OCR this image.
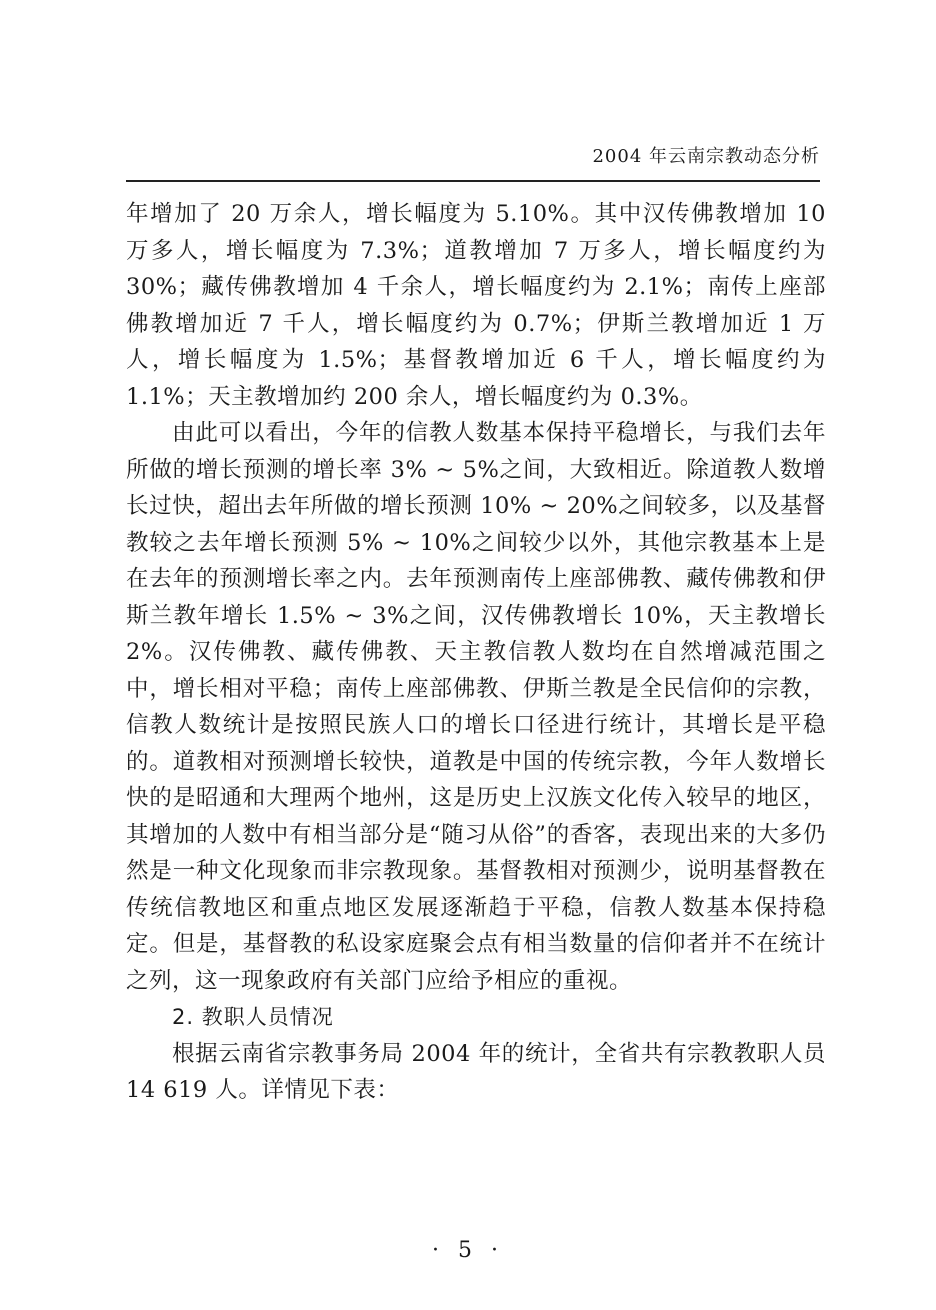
2004 年云南宗教动态分析

年增加了 20 万余人，增长幅度为 5.10%。其中汉传佛教增加 10 万多人，增长幅度为 7.3%；道教增加 7 万多人，增长幅度约为 30%；藏传佛教增加 4 千余人，增长幅度约为 2.1%；南传上座部佛教增加近 7 千人，增长幅度约为 0.7%；伊斯兰教增加近 1 万人，增长幅度为 1.5%；基督教增加近 6 千人，增长幅度约为 1.1%；天主教增加约 200 余人，增长幅度约为 0.3%。

由此可以看出，今年的信教人数基本保持平稳增长，与我们去年所做的增长预测的增长率 3% ~ 5%之间，大致相近。除道教人数增长过快，超出去年所做的增长预测 10% ~ 20%之间较多，以及基督教较之去年增长预测 5% ~ 10%之间较少以外，其他宗教基本上是在去年的预测增长率之内。去年预测南传上座部佛教、藏传佛教和伊斯兰教年增长 1.5% ~ 3%之间，汉传佛教增长 10%，天主教增长 2%。汉传佛教、藏传佛教、天主教信教人数均在自然增减范围之中，增长相对平稳；南传上座部佛教、伊斯兰教是全民信仰的宗教，信教人数统计是按照民族人口的增长口径进行统计，其增长是平稳的。道教相对预测增长较快，道教是中国的传统宗教，今年人数增长快的是昭通和大理两个地州，这是历史上汉族文化传入较早的地区，其增加的人数中有相当部分是“随习从俗”的香客，表现出来的大多仍然是一种文化现象而非宗教现象。基督教相对预测少，说明基督教在传统信教地区和重点地区发展逐渐趋于平稳，信教人数基本保持稳定。但是，基督教的私设家庭聚会点有相当数量的信仰者并不在统计之列，这一现象政府有关部门应给予相应的重视。

2. 教职人员情况

根据云南省宗教事务局 2004 年的统计，全省共有宗教教职人员 14 619 人。详情见下表：

· 5 ·
